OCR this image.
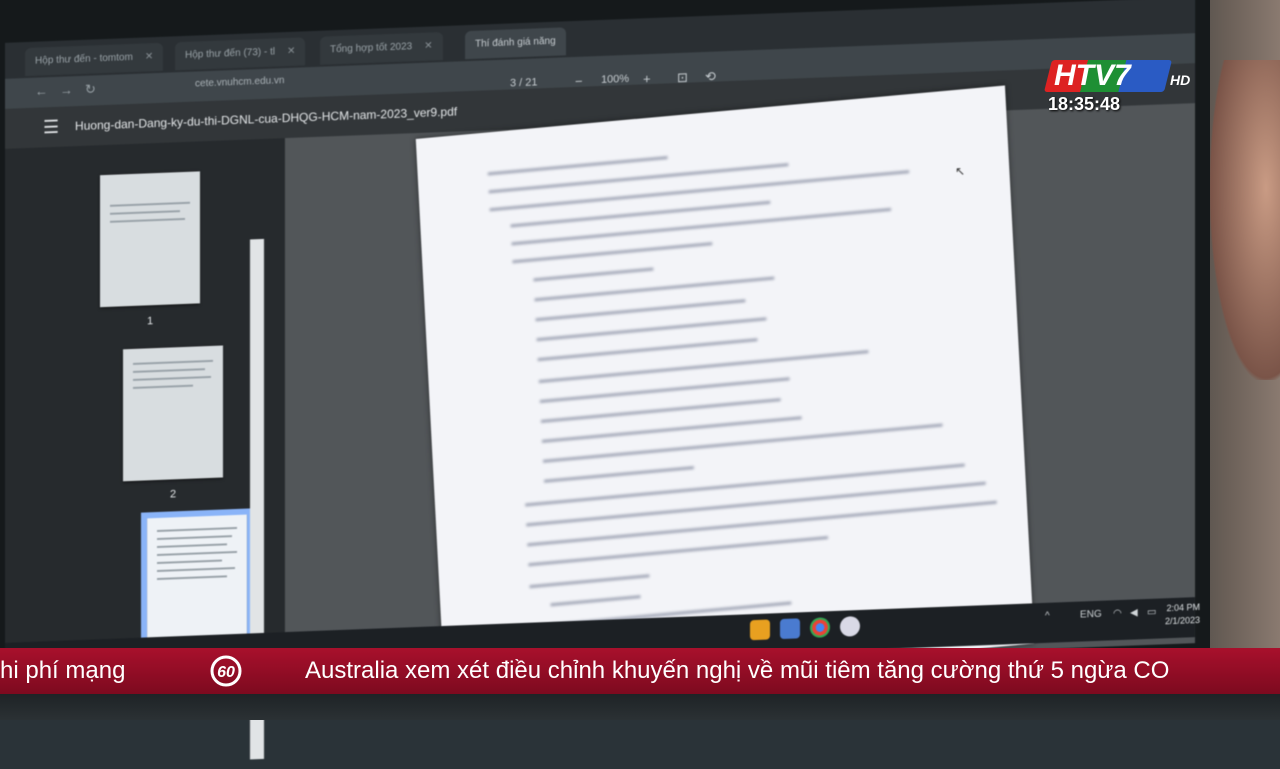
Hộp thư đến - tomtom ✕	Hộp thư đến (73) - tl ✕	Tổng hợp tốt 2023 ✕	Thí đánh giá năng
← → ↻	cete.vnuhcm.edu.vn
☰ Huong-dan-Dang-ky-du-thi-DGNL-cua-DHQG-HCM-nam-2023_ver9.pdf
3 / 21	− 100% + ⊡ ⟲
1
2
↖
^	ENG ◠ ◀ ▭ 2:04 PM
2/1/2023
HTV7	HD
18:35:48
hi phí mạng	60	Australia xem xét điều chỉnh khuyến nghị về mũi tiêm tăng cường thứ 5 ngừa CO
